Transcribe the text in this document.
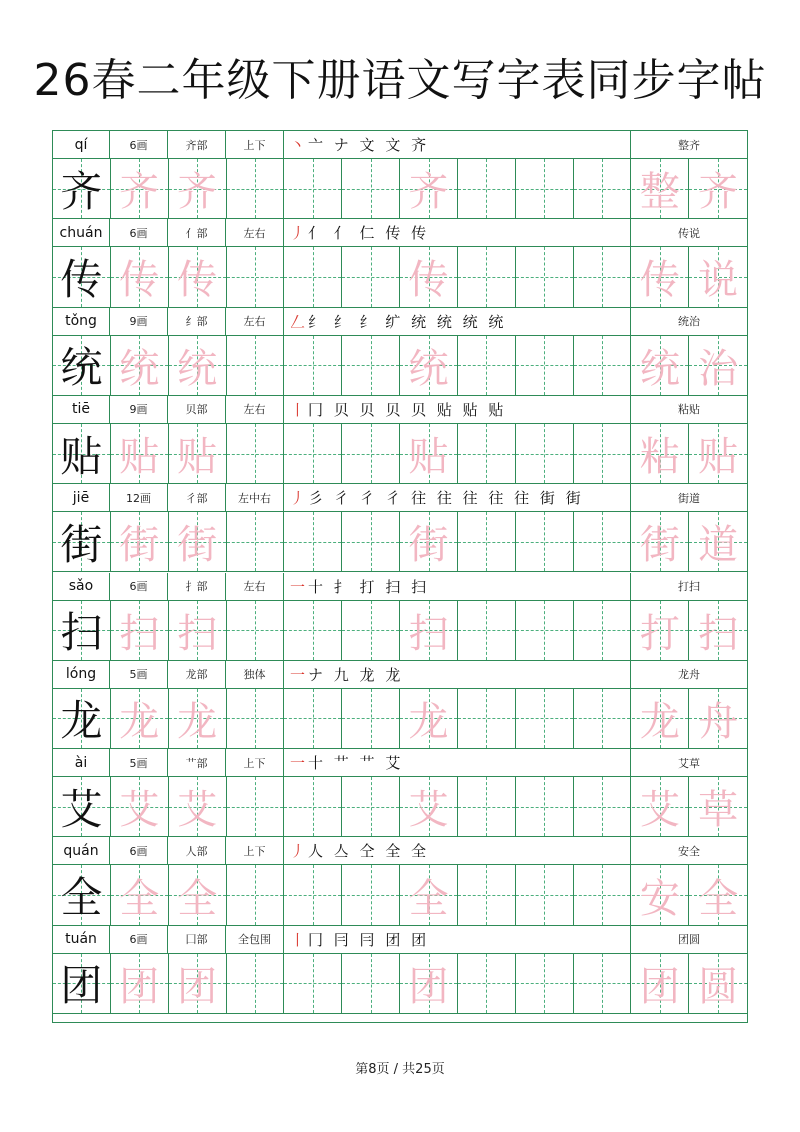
26春二年级下册语文写字表同步字帖
qí	6画	齐部	上下	丶 亠 ナ 文 文 齐	整齐
齐 齐 齐	齐	整 齐
chuán	6画	亻部	左右	丿 亻 亻 仁 传 传	传说
传 传 传	传	传 说
tǒng	9画	纟部	左右	𠃋 纟 纟 纟 纩 统 统 统 统	统治
统 统 统	统	统 治
tiē	9画	贝部	左右	丨 冂 贝 贝 贝 贝 贴 贴 贴	粘贴
贴 贴 贴	贴	粘 贴
jiē	12画	彳部	左中右	丿 彡 彳 彳 彳 往 往 往 往 往 街 街	街道
街 街 街	街	街 道
sǎo	6画	扌部	左右	一 十 扌 打 扫 扫	打扫
扫 扫 扫	扫	打 扫
lóng	5画	龙部	独体	一 ナ 九 龙 龙	龙舟
龙 龙 龙	龙	龙 舟
ài	5画	艹部	上下	一 十 艹 艹 艾	艾草
艾 艾 艾	艾	艾 草
quán	6画	人部	上下	丿 人 亼 仝 全 全	安全
全 全 全	全	安 全
tuán	6画	囗部	全包围	丨 冂 冃 冃 团 团	团圆
团 团 团	团	团 圆
第8页 / 共25页
